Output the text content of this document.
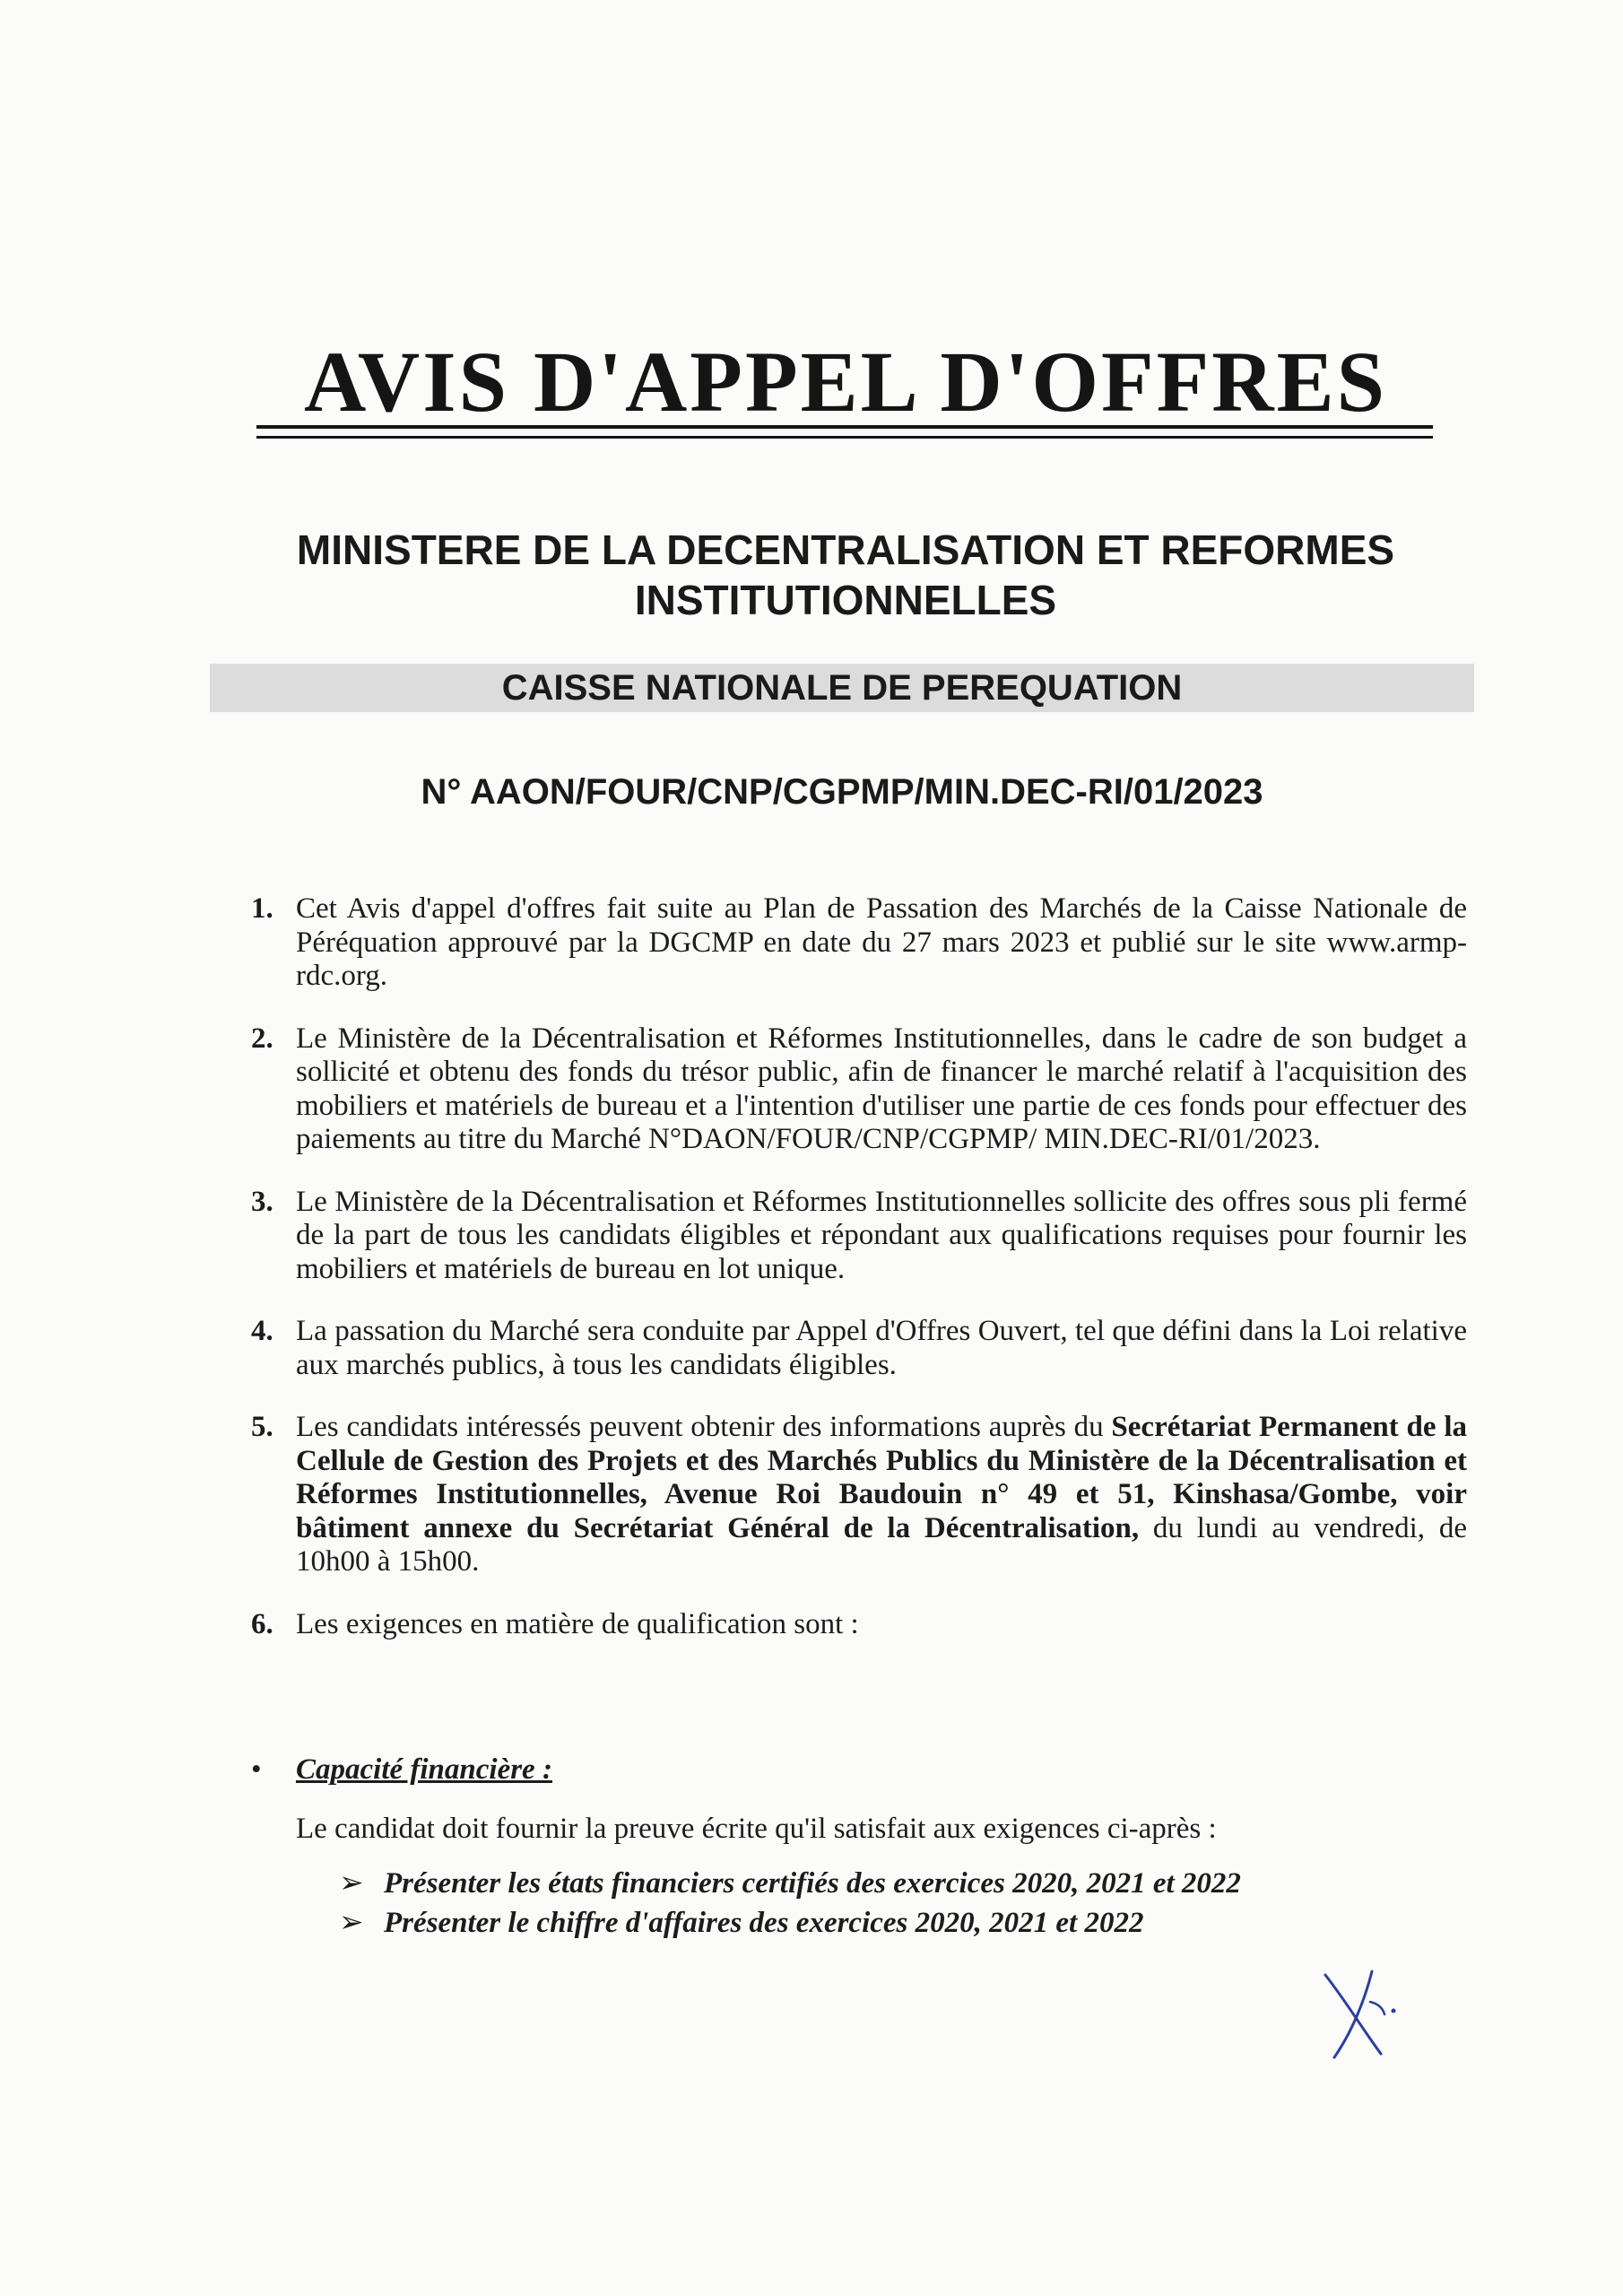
AVIS D'APPEL D'OFFRES
MINISTERE DE LA DECENTRALISATION ET REFORMES INSTITUTIONNELLES
CAISSE NATIONALE DE PEREQUATION
N° AAON/FOUR/CNP/CGPMP/MIN.DEC-RI/01/2023
1. Cet Avis d'appel d'offres fait suite au Plan de Passation des Marchés de la Caisse Nationale de Péréquation approuvé par la DGCMP en date du 27 mars 2023 et publié sur le site www.armp-rdc.org.
2. Le Ministère de la Décentralisation et Réformes Institutionnelles, dans le cadre de son budget a sollicité et obtenu des fonds du trésor public, afin de financer le marché relatif à l'acquisition des mobiliers et matériels de bureau et a l'intention d'utiliser une partie de ces fonds pour effectuer des paiements au titre du Marché N°DAON/FOUR/CNP/CGPMP/ MIN.DEC-RI/01/2023.
3. Le Ministère de la Décentralisation et Réformes Institutionnelles sollicite des offres sous pli fermé de la part de tous les candidats éligibles et répondant aux qualifications requises pour fournir les mobiliers et matériels de bureau en lot unique.
4. La passation du Marché sera conduite par Appel d'Offres Ouvert, tel que défini dans la Loi relative aux marchés publics, à tous les candidats éligibles.
5. Les candidats intéressés peuvent obtenir des informations auprès du Secrétariat Permanent de la Cellule de Gestion des Projets et des Marchés Publics du Ministère de la Décentralisation et Réformes Institutionnelles, Avenue Roi Baudouin n° 49 et 51, Kinshasa/Gombe, voir bâtiment annexe du Secrétariat Général de la Décentralisation, du lundi au vendredi, de 10h00 à 15h00.
6. Les exigences en matière de qualification sont :
• Capacité financière :
Le candidat doit fournir la preuve écrite qu'il satisfait aux exigences ci-après :
➢ Présenter les états financiers certifiés des exercices 2020, 2021 et 2022
➢ Présenter le chiffre d'affaires des exercices 2020, 2021 et 2022
